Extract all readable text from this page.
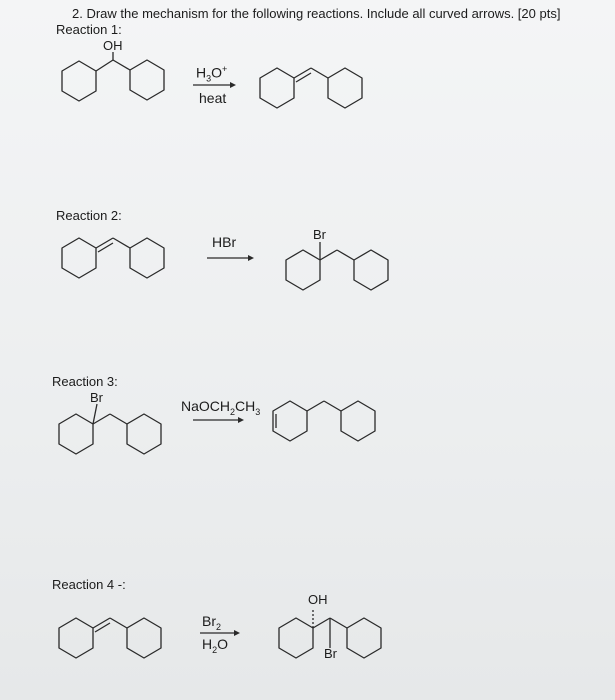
2. Draw the mechanism for the following reactions. Include all curved arrows. [20 pts]
Reaction 1:
Reaction 2:
Reaction 3:
Reaction 4 -:
OH
Br
Br
OH
Br
$H_3O^+$
heat
HBr
$NaOCH_2CH_3$
$Br_2$
$H_2O$
